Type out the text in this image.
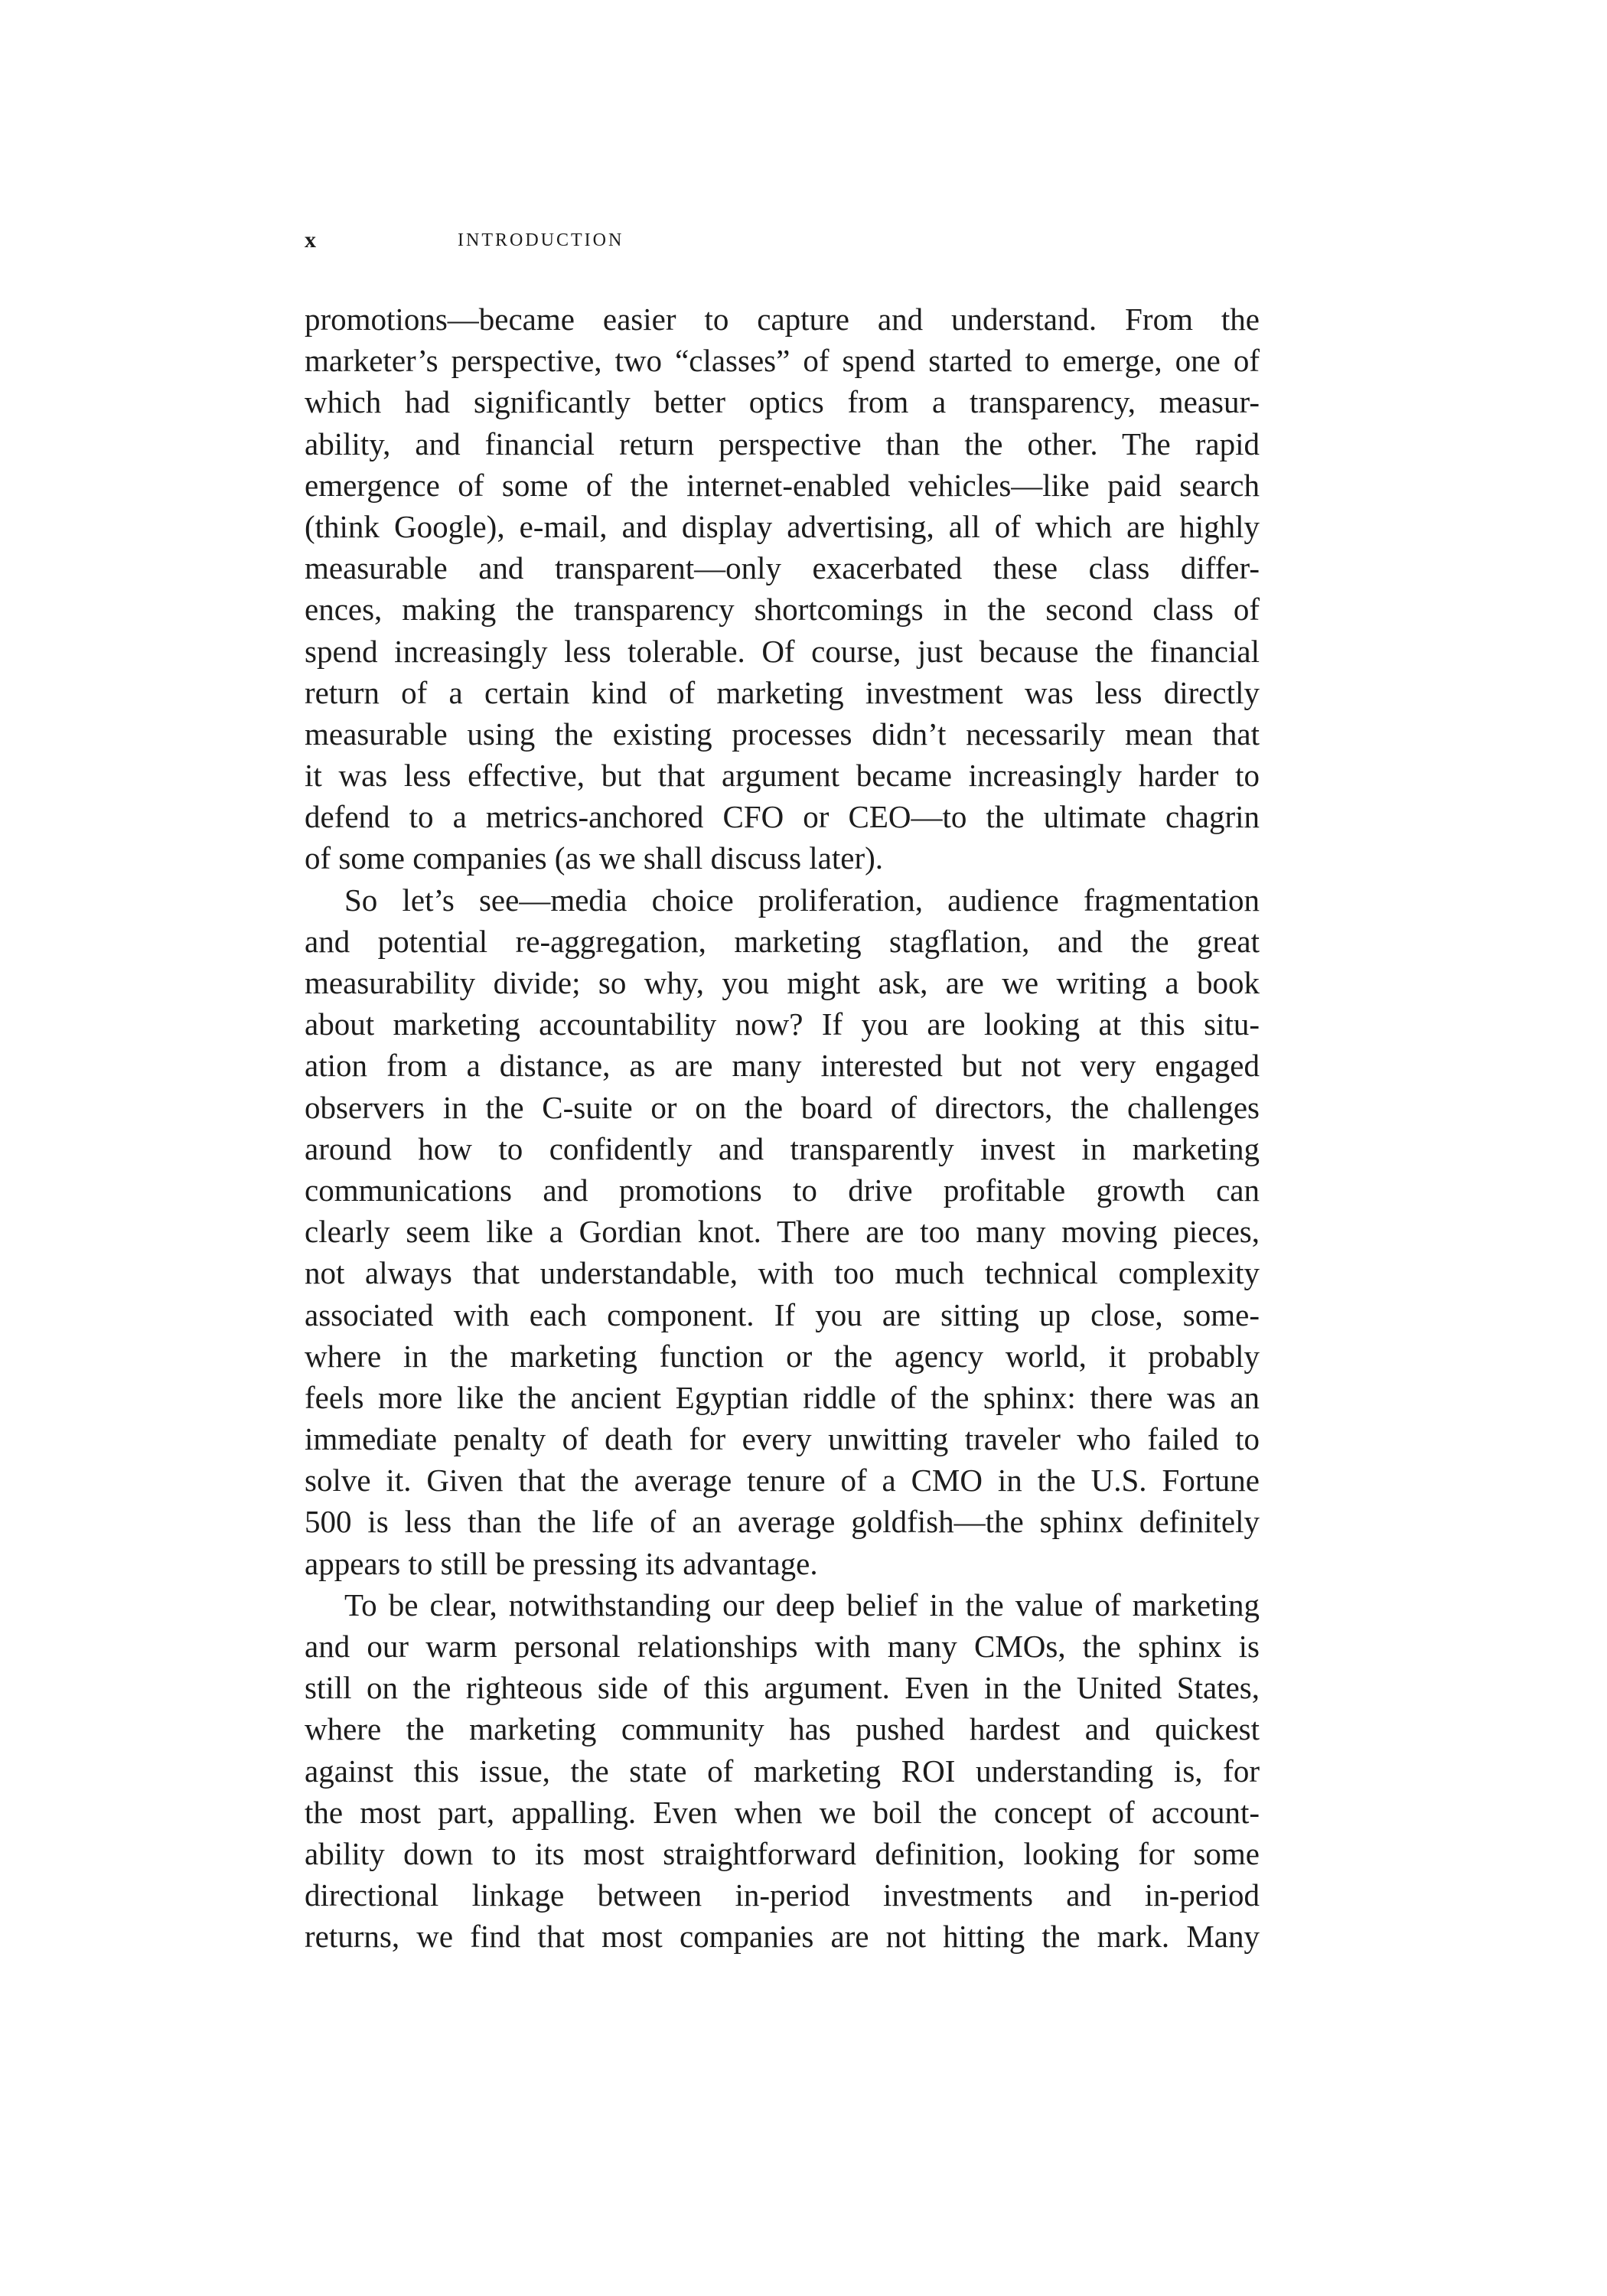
x	INTRODUCTION

promotions—became easier to capture and understand. From the
marketer’s perspective, two “classes” of spend started to emerge, one of
which had significantly better optics from a transparency, measur-
ability, and financial return perspective than the other. The rapid
emergence of some of the internet-enabled vehicles—like paid search
(think Google), e-mail, and display advertising, all of which are highly
measurable and transparent—only exacerbated these class differ-
ences, making the transparency shortcomings in the second class of
spend increasingly less tolerable. Of course, just because the financial
return of a certain kind of marketing investment was less directly
measurable using the existing processes didn’t necessarily mean that
it was less effective, but that argument became increasingly harder to
defend to a metrics-anchored CFO or CEO—to the ultimate chagrin
of some companies (as we shall discuss later).

So let’s see—media choice proliferation, audience fragmentation
and potential re-aggregation, marketing stagflation, and the great
measurability divide; so why, you might ask, are we writing a book
about marketing accountability now? If you are looking at this situ-
ation from a distance, as are many interested but not very engaged
observers in the C-suite or on the board of directors, the challenges
around how to confidently and transparently invest in marketing
communications and promotions to drive profitable growth can
clearly seem like a Gordian knot. There are too many moving pieces,
not always that understandable, with too much technical complexity
associated with each component. If you are sitting up close, some-
where in the marketing function or the agency world, it probably
feels more like the ancient Egyptian riddle of the sphinx: there was an
immediate penalty of death for every unwitting traveler who failed to
solve it. Given that the average tenure of a CMO in the U.S. Fortune
500 is less than the life of an average goldfish—the sphinx definitely
appears to still be pressing its advantage.

To be clear, notwithstanding our deep belief in the value of marketing
and our warm personal relationships with many CMOs, the sphinx is
still on the righteous side of this argument. Even in the United States,
where the marketing community has pushed hardest and quickest
against this issue, the state of marketing ROI understanding is, for
the most part, appalling. Even when we boil the concept of account-
ability down to its most straightforward definition, looking for some
directional linkage between in-period investments and in-period
returns, we find that most companies are not hitting the mark. Many
